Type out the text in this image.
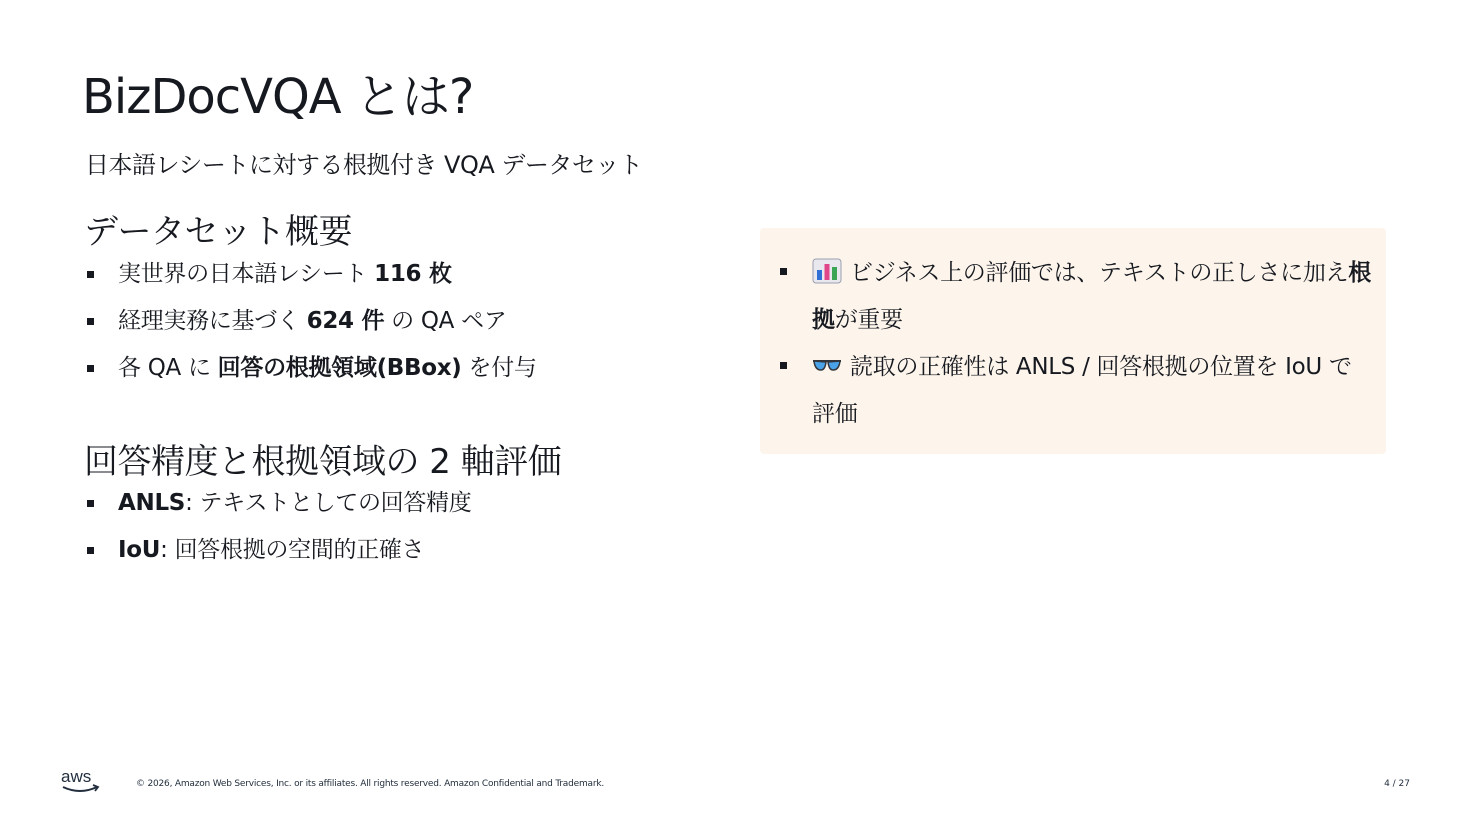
BizDocVQA とは?
日本語レシートに対する根拠付き VQA データセット
データセット概要
実世界の日本語レシート 116 枚
経理実務に基づく 624 件 の QA ペア
各 QA に 回答の根拠領域(BBox) を付与
回答精度と根拠領域の 2 軸評価
ANLS: テキストとしての回答精度
IoU: 回答根拠の空間的正確さ
ビジネス上の評価では、テキストの正しさに加え根拠が重要
読取の正確性は ANLS / 回答根拠の位置を IoU で評価
aws	© 2026, Amazon Web Services, Inc. or its affiliates. All rights reserved. Amazon Confidential and Trademark.	4 / 27
